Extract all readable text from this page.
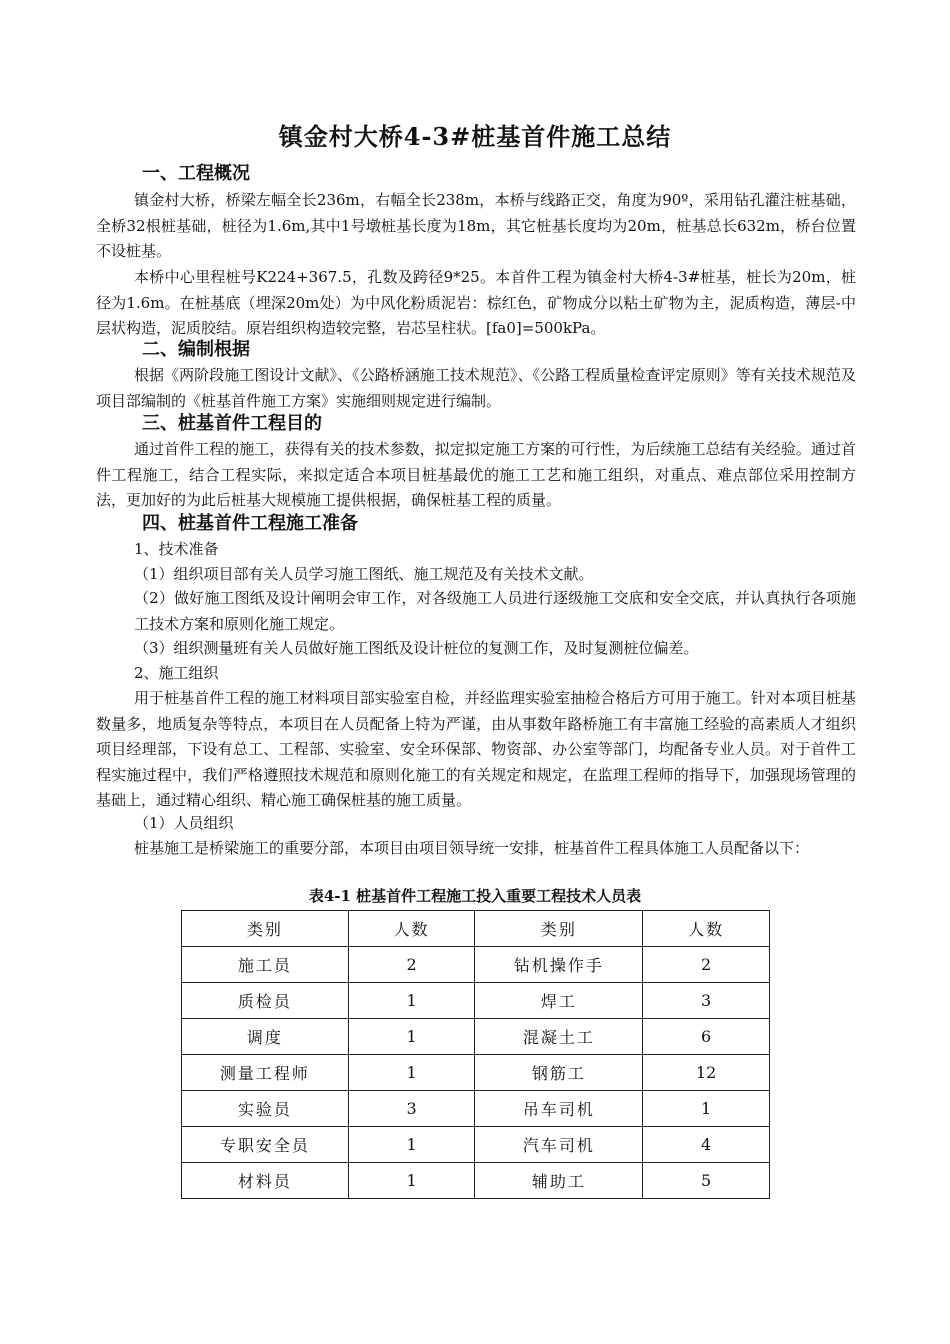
镇金村大桥4-3#桩基首件施工总结
一、工程概况
镇金村大桥，桥梁左幅全长236m，右幅全长238m，本桥与线路正交，角度为90º，采用钻孔灌注桩基础，全桥32根桩基础，桩径为1.6m,其中1号墩桩基长度为18m，其它桩基长度均为20m，桩基总长632m，桥台位置不设桩基。
本桥中心里程桩号K224+367.5，孔数及跨径9*25。本首件工程为镇金村大桥4-3#桩基，桩长为20m，桩径为1.6m。在桩基底（埋深20m处）为中风化粉质泥岩：棕红色，矿物成分以粘土矿物为主，泥质构造，薄层-中层状构造，泥质胶结。原岩组织构造较完整，岩芯呈柱状。[fa0]=500kPa。
二、编制根据
根据《两阶段施工图设计文献》、《公路桥涵施工技术规范》、《公路工程质量检查评定原则》等有关技术规范及项目部编制的《桩基首件施工方案》实施细则规定进行编制。
三、桩基首件工程目的
通过首件工程的施工，获得有关的技术参数，拟定拟定施工方案的可行性，为后续施工总结有关经验。通过首件工程施工，结合工程实际，来拟定适合本项目桩基最优的施工工艺和施工组织，对重点、难点部位采用控制方法，更加好的为此后桩基大规模施工提供根据，确保桩基工程的质量。
四、桩基首件工程施工准备
1、技术准备
（1）组织项目部有关人员学习施工图纸、施工规范及有关技术文献。
（2）做好施工图纸及设计阐明会审工作，对各级施工人员进行逐级施工交底和安全交底，并认真执行各项施工技术方案和原则化施工规定。
（3）组织测量班有关人员做好施工图纸及设计桩位的复测工作，及时复测桩位偏差。
2、施工组织
用于桩基首件工程的施工材料项目部实验室自检，并经监理实验室抽检合格后方可用于施工。针对本项目桩基数量多，地质复杂等特点，本项目在人员配备上特为严谨，由从事数年路桥施工有丰富施工经验的高素质人才组织项目经理部，下设有总工、工程部、实验室、安全环保部、物资部、办公室等部门，均配备专业人员。对于首件工程实施过程中，我们严格遵照技术规范和原则化施工的有关规定和规定，在监理工程师的指导下，加强现场管理的基础上，通过精心组织、精心施工确保桩基的施工质量。
（1）人员组织
桩基施工是桥梁施工的重要分部，本项目由项目领导统一安排，桩基首件工程具体施工人员配备以下：
表4-1 桩基首件工程施工投入重要工程技术人员表
类别	人数	类别	人数
施工员	2	钻机操作手	2
质检员	1	焊工	3
调度	1	混凝土工	6
测量工程师	1	钢筋工	12
实验员	3	吊车司机	1
专职安全员	1	汽车司机	4
材料员	1	辅助工	5
